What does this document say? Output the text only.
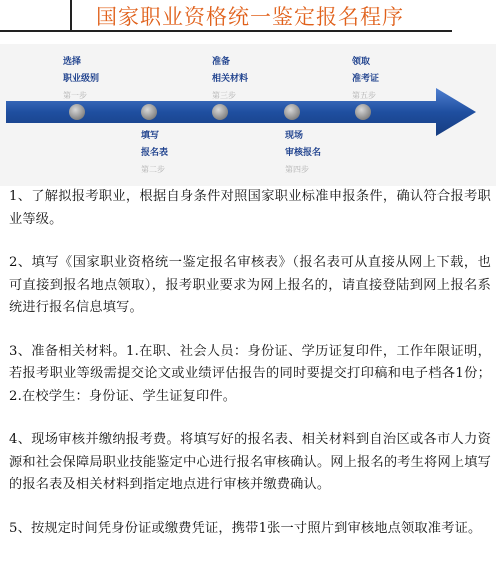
国家职业资格统一鉴定报名程序
选择
职业级别
第一步
准备
相关材料
第三步
领取
准考证
第五步
填写
报名表
第二步
现场
审核报名
第四步

1、了解拟报考职业，根据自身条件对照国家职业标准申报条件，确认符合报考职业等级。

2、填写《国家职业资格统一鉴定报名审核表》（报名表可从直接从网上下载，也可直接到报名地点领取），报考职业要求为网上报名的，请直接登陆到网上报名系统进行报名信息填写。

3、准备相关材料。1.在职、社会人员：身份证、学历证复印件，工作年限证明，若报考职业等级需提交论文或业绩评估报告的同时要提交打印稿和电子档各1份；2.在校学生：身份证、学生证复印件。

4、现场审核并缴纳报考费。将填写好的报名表、相关材料到自治区或各市人力资源和社会保障局职业技能鉴定中心进行报名审核确认。网上报名的考生将网上填写的报名表及相关材料到指定地点进行审核并缴费确认。

5、按规定时间凭身份证或缴费凭证，携带1张一寸照片到审核地点领取准考证。
